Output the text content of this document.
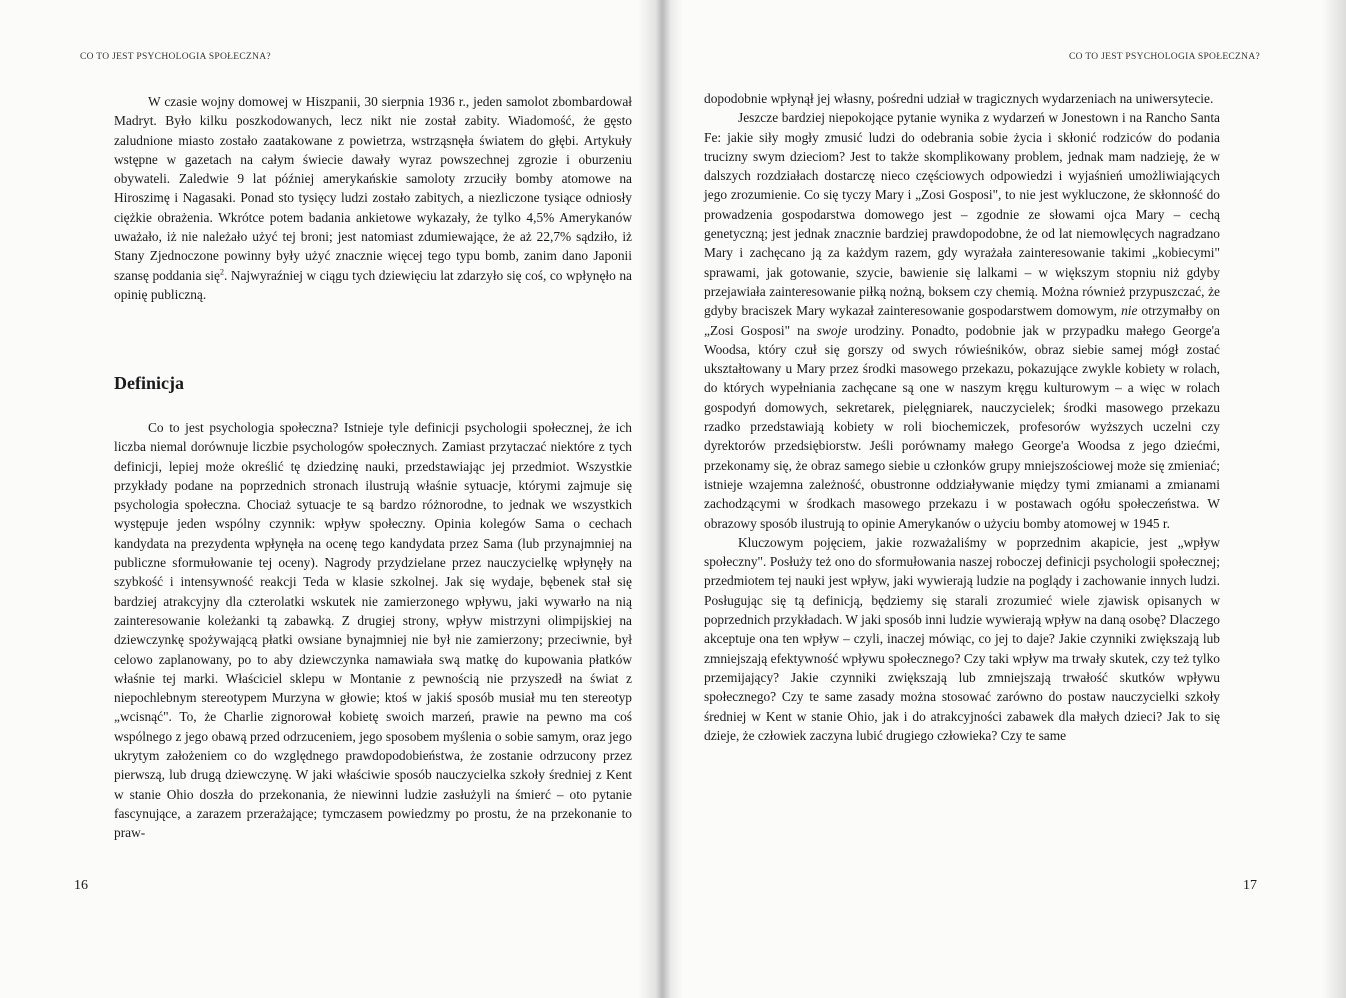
CO TO JEST PSYCHOLOGIA SPOŁECZNA?

W czasie wojny domowej w Hiszpanii, 30 sierpnia 1936 r., jeden samolot zbombardował Madryt. Było kilku poszkodowanych, lecz nikt nie został zabity. Wiadomość, że gęsto zaludnione miasto zostało zaatakowane z powietrza, wstrząsnęła światem do głębi. Artykuły wstępne w gazetach na całym świecie dawały wyraz powszechnej zgrozie i oburzeniu obywateli. Zaledwie 9 lat później amerykańskie samoloty zrzuciły bomby atomowe na Hiroszimę i Nagasaki. Ponad sto tysięcy ludzi zostało zabitych, a niezliczone tysiące odniosły ciężkie obrażenia. Wkrótce potem badania ankietowe wykazały, że tylko 4,5% Amerykanów uważało, iż nie należało użyć tej broni; jest natomiast zdumiewające, że aż 22,7% sądziło, iż Stany Zjednoczone powinny były użyć znacznie więcej tego typu bomb, zanim dano Japonii szansę poddania się$^2$. Najwyraźniej w ciągu tych dziewięciu lat zdarzyło się coś, co wpłynęło na opinię publiczną.

Definicja

Co to jest psychologia społeczna? Istnieje tyle definicji psychologii społecznej, że ich liczba niemal dorównuje liczbie psychologów społecznych. Zamiast przytaczać niektóre z tych definicji, lepiej może określić tę dziedzinę nauki, przedstawiając jej przedmiot. Wszystkie przykłady podane na poprzednich stronach ilustrują właśnie sytuacje, którymi zajmuje się psychologia społeczna. Chociaż sytuacje te są bardzo różnorodne, to jednak we wszystkich występuje jeden wspólny czynnik: wpływ społeczny. Opinia kolegów Sama o cechach kandydata na prezydenta wpłynęła na ocenę tego kandydata przez Sama (lub przynajmniej na publiczne sformułowanie tej oceny). Nagrody przydzielane przez nauczycielkę wpłynęły na szybkość i intensywność reakcji Teda w klasie szkolnej. Jak się wydaje, bębenek stał się bardziej atrakcyjny dla czterolatki wskutek nie zamierzonego wpływu, jaki wywarło na nią zainteresowanie koleżanki tą zabawką. Z drugiej strony, wpływ mistrzyni olimpijskiej na dziewczynkę spożywającą płatki owsiane bynajmniej nie był nie zamierzony; przeciwnie, był celowo zaplanowany, po to aby dziewczynka namawiała swą matkę do kupowania płatków właśnie tej marki. Właściciel sklepu w Montanie z pewnością nie przyszedł na świat z niepochlebnym stereotypem Murzyna w głowie; ktoś w jakiś sposób musiał mu ten stereotyp „wcisnąć". To, że Charlie zignorował kobietę swoich marzeń, prawie na pewno ma coś wspólnego z jego obawą przed odrzuceniem, jego sposobem myślenia o sobie samym, oraz jego ukrytym założeniem co do względnego prawdopodobieństwa, że zostanie odrzucony przez pierwszą, lub drugą dziewczynę. W jaki właściwie sposób nauczycielka szkoły średniej z Kent w stanie Ohio doszła do przekonania, że niewinni ludzie zasłużyli na śmierć – oto pytanie fascynujące, a zarazem przerażające; tymczasem powiedzmy po prostu, że na przekonanie to praw-

16
CO TO JEST PSYCHOLOGIA SPOŁECZNA?

dopodobnie wpłynął jej własny, pośredni udział w tragicznych wydarzeniach na uniwersytecie.

Jeszcze bardziej niepokojące pytanie wynika z wydarzeń w Jonestown i na Rancho Santa Fe: jakie siły mogły zmusić ludzi do odebrania sobie życia i skłonić rodziców do podania trucizny swym dzieciom? Jest to także skomplikowany problem, jednak mam nadzieję, że w dalszych rozdziałach dostarczę nieco częściowych odpowiedzi i wyjaśnień umożliwiających jego zrozumienie. Co się tyczy Mary i „Zosi Gosposi", to nie jest wykluczone, że skłonność do prowadzenia gospodarstwa domowego jest – zgodnie ze słowami ojca Mary – cechą genetyczną; jest jednak znacznie bardziej prawdopodobne, że od lat niemowlęcych nagradzano Mary i zachęcano ją za każdym razem, gdy wyrażała zainteresowanie takimi „kobiecymi" sprawami, jak gotowanie, szycie, bawienie się lalkami – w większym stopniu niż gdyby przejawiała zainteresowanie piłką nożną, boksem czy chemią. Można również przypuszczać, że gdyby braciszek Mary wykazał zainteresowanie gospodarstwem domowym, nie otrzymałby on „Zosi Gosposi" na swoje urodziny. Ponadto, podobnie jak w przypadku małego George'a Woodsa, który czuł się gorszy od swych rówieśników, obraz siebie samej mógł zostać ukształtowany u Mary przez środki masowego przekazu, pokazujące zwykle kobiety w rolach, do których wypełniania zachęcane są one w naszym kręgu kulturowym – a więc w rolach gospodyń domowych, sekretarek, pielęgniarek, nauczycielek; środki masowego przekazu rzadko przedstawiają kobiety w roli biochemiczek, profesorów wyższych uczelni czy dyrektorów przedsiębiorstw. Jeśli porównamy małego George'a Woodsa z jego dziećmi, przekonamy się, że obraz samego siebie u członków grupy mniejszościowej może się zmieniać; istnieje wzajemna zależność, obustronne oddziaływanie między tymi zmianami a zmianami zachodzącymi w środkach masowego przekazu i w postawach ogółu społeczeństwa. W obrazowy sposób ilustrują to opinie Amerykanów o użyciu bomby atomowej w 1945 r.

Kluczowym pojęciem, jakie rozważaliśmy w poprzednim akapicie, jest „wpływ społeczny". Posłuży też ono do sformułowania naszej roboczej definicji psychologii społecznej; przedmiotem tej nauki jest wpływ, jaki wywierają ludzie na poglądy i zachowanie innych ludzi. Posługując się tą definicją, będziemy się starali zrozumieć wiele zjawisk opisanych w poprzednich przykładach. W jaki sposób inni ludzie wywierają wpływ na daną osobę? Dlaczego akceptuje ona ten wpływ – czyli, inaczej mówiąc, co jej to daje? Jakie czynniki zwiększają lub zmniejszają efektywność wpływu społecznego? Czy taki wpływ ma trwały skutek, czy też tylko przemijający? Jakie czynniki zwiększają lub zmniejszają trwałość skutków wpływu społecznego? Czy te same zasady można stosować zarówno do postaw nauczycielki szkoły średniej w Kent w stanie Ohio, jak i do atrakcyjności zabawek dla małych dzieci? Jak to się dzieje, że człowiek zaczyna lubić drugiego człowieka? Czy te same

17
